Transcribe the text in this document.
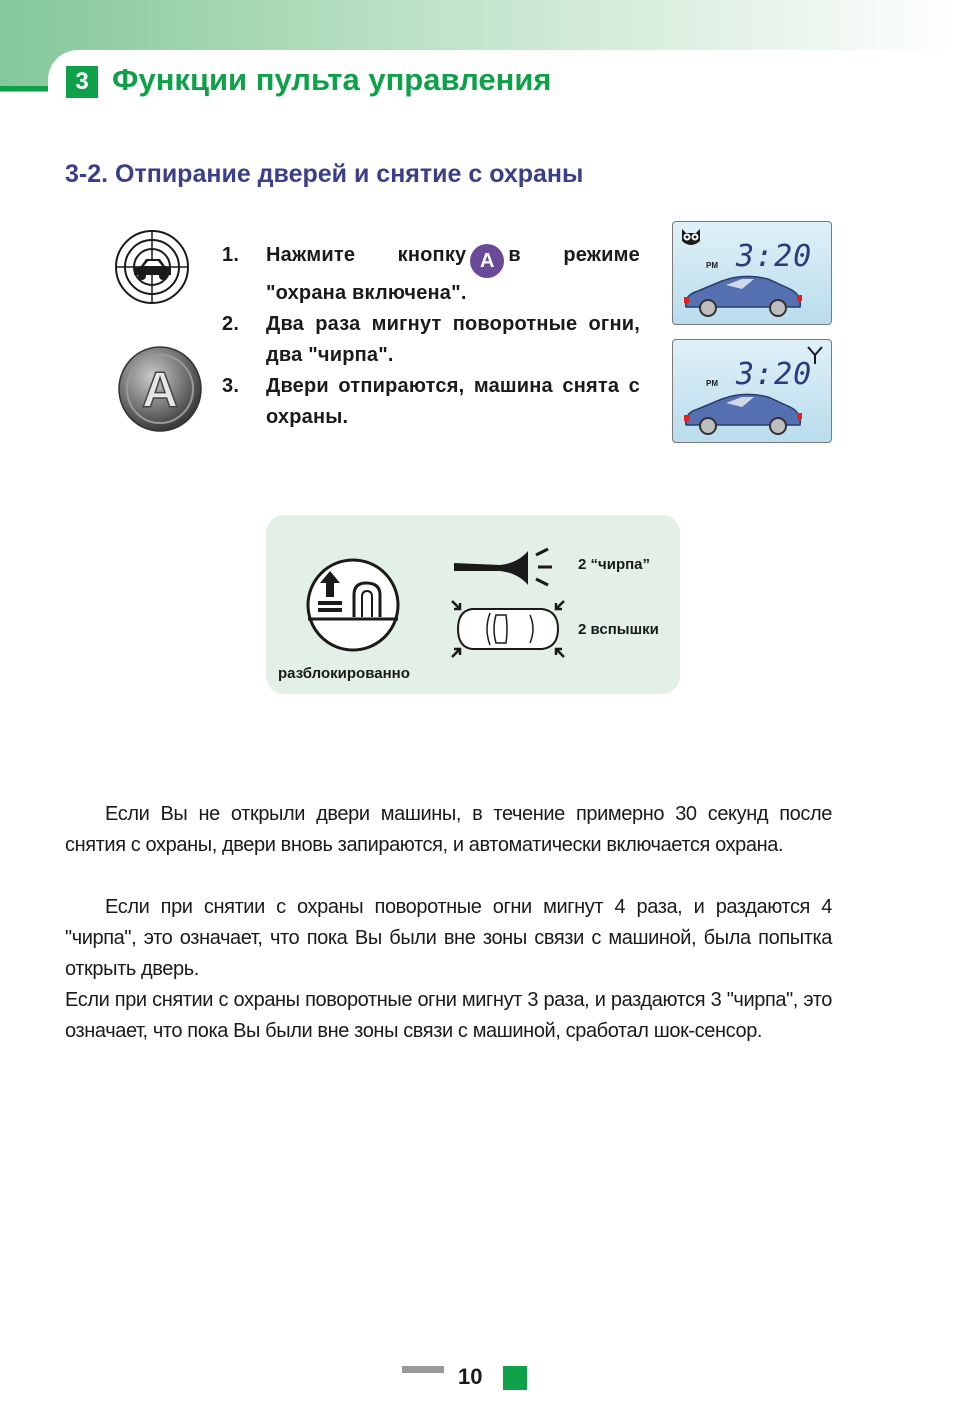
3 Функции пульта управления
3-2. Отпирание дверей и снятие с охраны
A
1.	Нажмите кнопку A в режиме "охрана включена".
2.	Два раза мигнут поворотные огни, два "чирпа".
3.	Двери отпираются, машина снята с охраны.
PM 3:20
PM 3:20
разблокированно
2 “чирпа”
2 вспышки
Если Вы не открыли двери машины, в течение примерно 30 секунд после снятия с охраны, двери вновь запираются, и автоматически включается охрана.
Если при снятии с охраны поворотные огни мигнут 4 раза, и раздаются 4 "чирпа", это означает, что пока Вы были вне зоны связи с машиной, была попытка открыть дверь.
Если при снятии с охраны поворотные огни мигнут 3 раза, и раздаются 3 "чирпа", это означает, что пока Вы были вне зоны связи с машиной, сработал шок-сенсор.
10
